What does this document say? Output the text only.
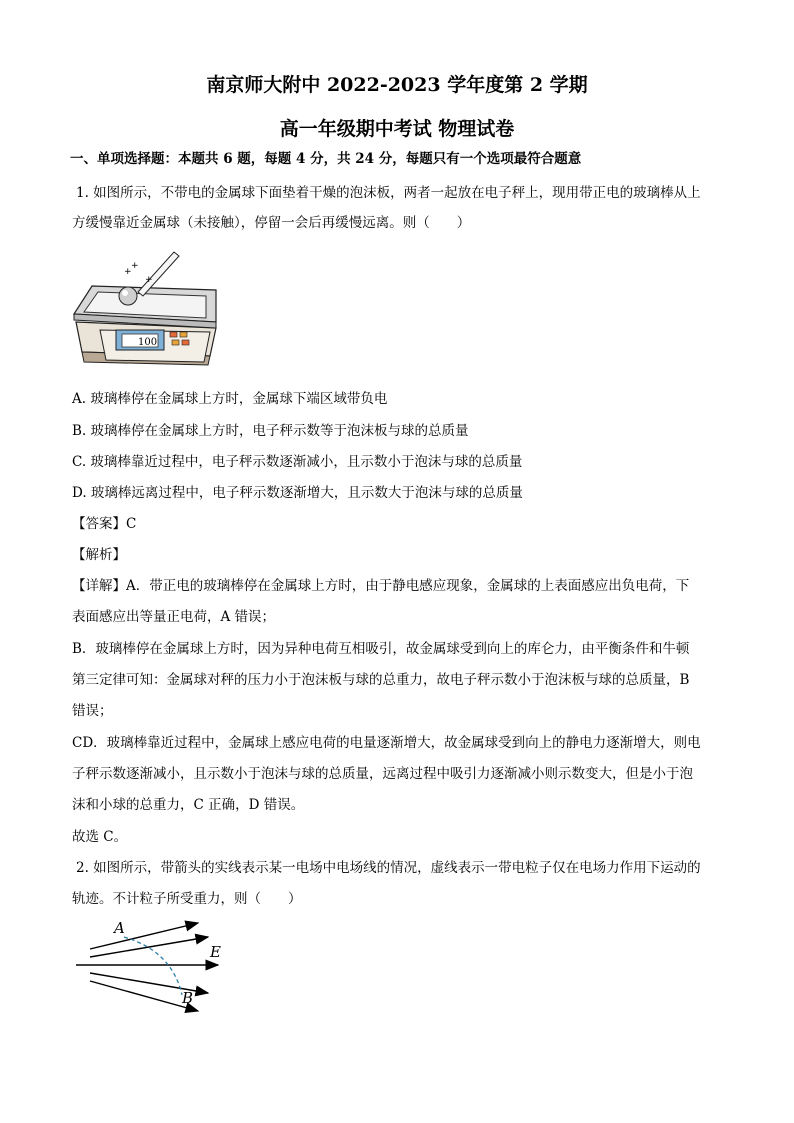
南京师大附中 2022-2023 学年度第 2 学期
高一年级期中考试 物理试卷
一、单项选择题：本题共 6 题，每题 4 分，共 24 分，每题只有一个选项最符合题意
1. 如图所示，不带电的金属球下面垫着干燥的泡沫板，两者一起放在电子秤上，现用带正电的玻璃棒从上
方缓慢靠近金属球（未接触），停留一会后再缓慢远离。则（　　）
100
+
+
+
A. 玻璃棒停在金属球上方时，金属球下端区域带负电
B. 玻璃棒停在金属球上方时，电子秤示数等于泡沫板与球的总质量
C. 玻璃棒靠近过程中，电子秤示数逐渐减小，且示数小于泡沫与球的总质量
D. 玻璃棒远离过程中，电子秤示数逐渐增大，且示数大于泡沫与球的总质量
【答案】C
【解析】
【详解】A．带正电的玻璃棒停在金属球上方时，由于静电感应现象，金属球的上表面感应出负电荷，下
表面感应出等量正电荷，A 错误；
B．玻璃棒停在金属球上方时，因为异种电荷互相吸引，故金属球受到向上的库仑力，由平衡条件和牛顿
第三定律可知：金属球对秤的压力小于泡沫板与球的总重力，故电子秤示数小于泡沫板与球的总质量，B
错误；
CD．玻璃棒靠近过程中，金属球上感应电荷的电量逐渐增大，故金属球受到向上的静电力逐渐增大，则电
子秤示数逐渐减小，且示数小于泡沫与球的总质量，远离过程中吸引力逐渐减小则示数变大，但是小于泡
沫和小球的总重力，C 正确，D 错误。
故选 C。
2. 如图所示，带箭头的实线表示某一电场中电场线的情况，虚线表示一带电粒子仅在电场力作用下运动的
轨迹。不计粒子所受重力，则（　　）
A
E
B
